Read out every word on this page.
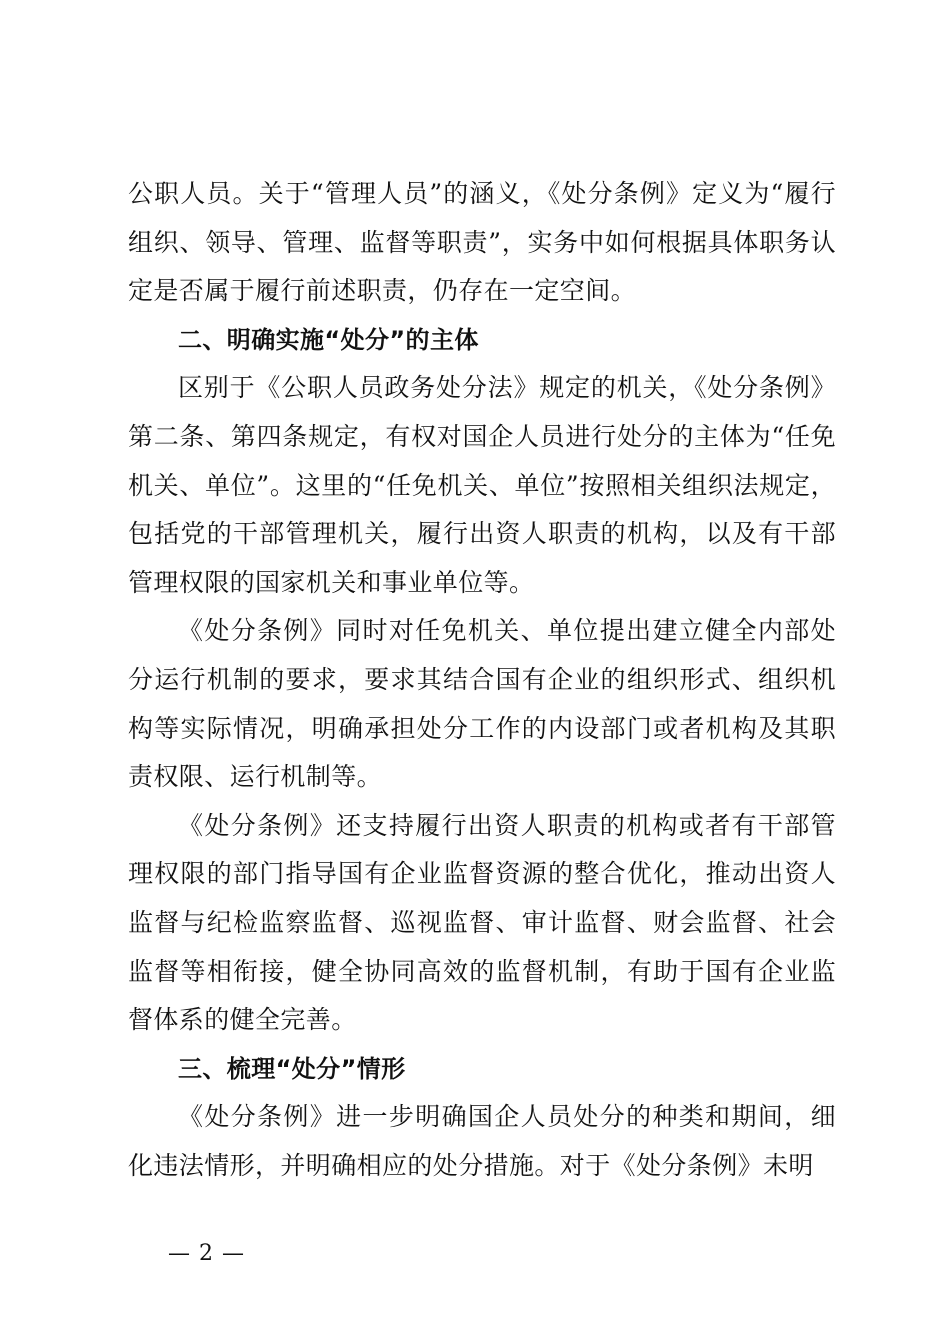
公职人员。关于“管理人员”的涵义，《处分条例》定义为“履行组织、领导、管理、监督等职责”，实务中如何根据具体职务认定是否属于履行前述职责，仍存在一定空间。

二、明确实施“处分”的主体

区别于《公职人员政务处分法》规定的机关，《处分条例》第二条、第四条规定，有权对国企人员进行处分的主体为“任免机关、单位”。这里的“任免机关、单位”按照相关组织法规定，包括党的干部管理机关，履行出资人职责的机构，以及有干部管理权限的国家机关和事业单位等。

《处分条例》同时对任免机关、单位提出建立健全内部处分运行机制的要求，要求其结合国有企业的组织形式、组织机构等实际情况，明确承担处分工作的内设部门或者机构及其职责权限、运行机制等。

《处分条例》还支持履行出资人职责的机构或者有干部管理权限的部门指导国有企业监督资源的整合优化，推动出资人监督与纪检监察监督、巡视监督、审计监督、财会监督、社会监督等相衔接，健全协同高效的监督机制，有助于国有企业监督体系的健全完善。

三、梳理“处分”情形

《处分条例》进一步明确国企人员处分的种类和期间，细化违法情形，并明确相应的处分措施。对于《处分条例》未明

— 2 —
